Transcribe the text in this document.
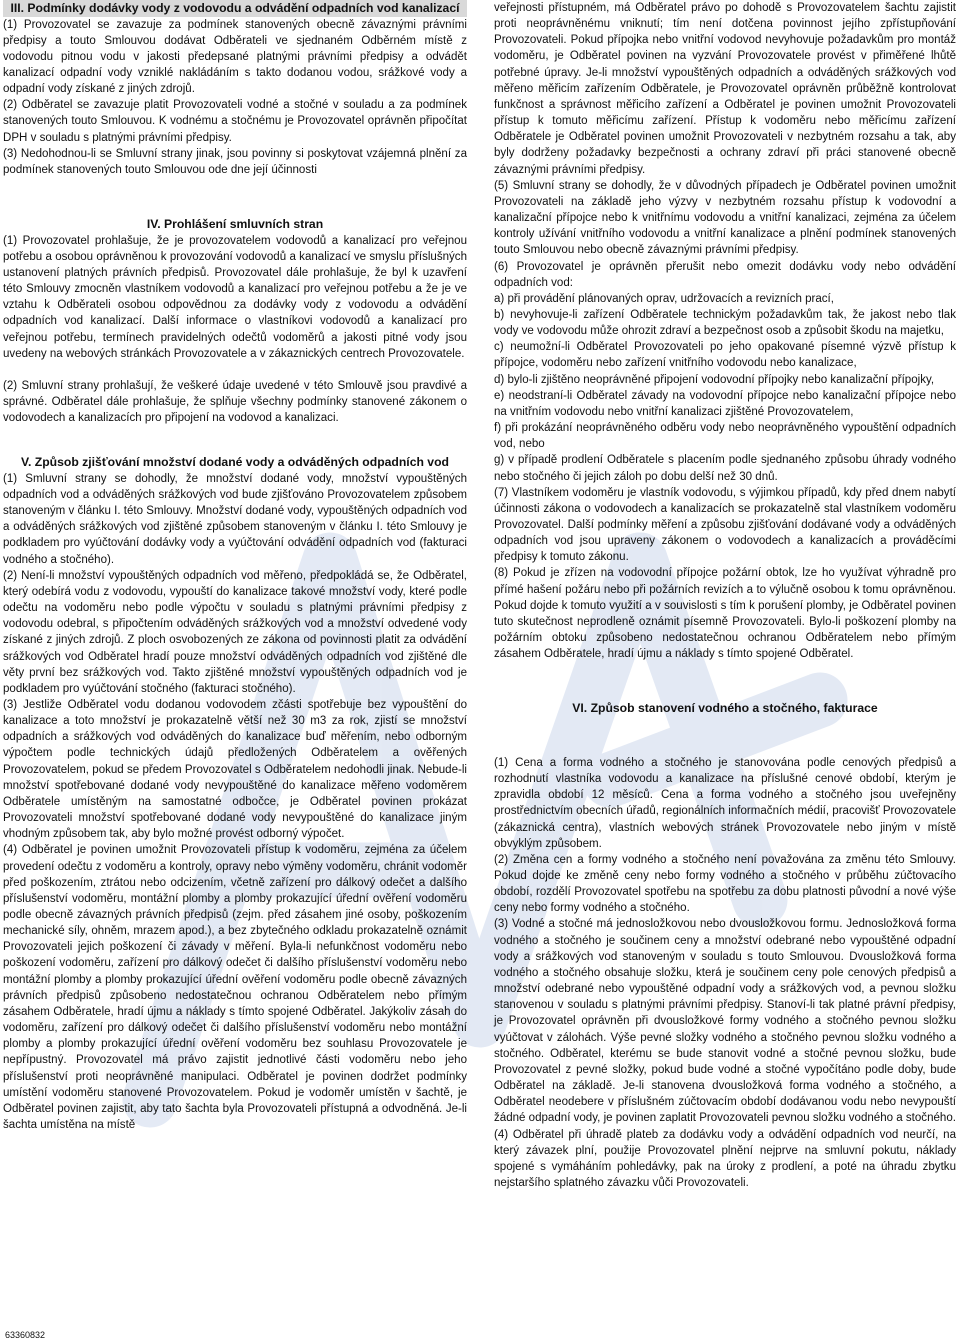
III. Podmínky dodávky vody z vodovodu a odvádění odpadních vod kanalizací

(1) Provozovatel se zavazuje za podmínek stanovených obecně závaznými právními předpisy a touto Smlouvou dodávat Odběrateli ve sjednaném Odběrném místě z vodovodu pitnou vodu v jakosti předepsané platnými právními předpisy a odvádět kanalizací odpadní vody vzniklé nakládáním s takto dodanou vodou, srážkové vody a odpadní vody získané z jiných zdrojů.

(2) Odběratel se zavazuje platit Provozovateli vodné a stočné v souladu a za podmínek stanovených touto Smlouvou. K vodnému a stočnému je Provozovatel oprávněn připočítat DPH v souladu s platnými právními předpisy.

(3) Nedohodnou-li se Smluvní strany jinak, jsou povinny si poskytovat vzájemná plnění za podmínek stanovených touto Smlouvou ode dne její účinnosti

IV. Prohlášení smluvních stran

(1) Provozovatel prohlašuje, že je provozovatelem vodovodů a kanalizací pro veřejnou potřebu a osobou oprávněnou k provozování vodovodů a kanalizací ve smyslu příslušných ustanovení platných právních předpisů. Provozovatel dále prohlašuje, že byl k uzavření této Smlouvy zmocněn vlastníkem vodovodů a kanalizací pro veřejnou potřebu a že je ve vztahu k Odběrateli osobou odpovědnou za dodávky vody z vodovodu a odvádění odpadních vod kanalizací. Další informace o vlastníkovi vodovodů a kanalizací pro veřejnou potřebu, termínech pravidelných odečtů vodoměrů a jakosti pitné vody jsou uvedeny na webových stránkách Provozovatele a v zákaznických centrech Provozovatele.

(2) Smluvní strany prohlašují, že veškeré údaje uvedené v této Smlouvě jsou pravdivé a správné. Odběratel dále prohlašuje, že splňuje všechny podmínky stanovené zákonem o vodovodech a kanalizacích pro připojení na vodovod a kanalizaci.

V. Způsob zjišťování množství dodané vody a odváděných odpadních vod

(1) Smluvní strany se dohodly, že množství dodané vody, množství vypouštěných odpadních vod a odváděných srážkových vod bude zjišťováno Provozovatelem způsobem stanoveným v článku I. této Smlouvy. Množství dodané vody, vypouštěných odpadních vod a odváděných srážkových vod zjištěné způsobem stanoveným v článku I. této Smlouvy je podkladem pro vyúčtování dodávky vody a vyúčtování odvádění odpadních vod (fakturaci vodného a stočného).

(2) Není-li množství vypouštěných odpadních vod měřeno, předpokládá se, že Odběratel, který odebírá vodu z vodovodu, vypouští do kanalizace takové množství vody, které podle odečtu na vodoměru nebo podle výpočtu v souladu s platnými právními předpisy z vodovodu odebral, s připočtením odváděných srážkových vod a množství odvedené vody získané z jiných zdrojů. Z ploch osvobozených ze zákona od povinnosti platit za odvádění srážkových vod Odběratel hradí pouze množství odváděných odpadních vod zjištěné dle věty první bez srážkových vod. Takto zjištěné množství vypouštěných odpadních vod je podkladem pro vyúčtování stočného (fakturaci stočného).

(3) Jestliže Odběratel vodu dodanou vodovodem zčásti spotřebuje bez vypouštění do kanalizace a toto množství je prokazatelně větší než 30 m3 za rok, zjistí se množství odpadních a srážkových vod odváděných do kanalizace buď měřením, nebo odborným výpočtem podle technických údajů předložených Odběratelem a ověřených Provozovatelem, pokud se předem Provozovatel s Odběratelem nedohodli jinak. Nebude-li množství spotřebované dodané vody nevypouštěné do kanalizace měřeno vodoměrem Odběratele umístěným na samostatné odbočce, je Odběratel povinen prokázat Provozovateli množství spotřebované dodané vody nevypouštěné do kanalizace jiným vhodným způsobem tak, aby bylo možné provést odborný výpočet.

(4) Odběratel je povinen umožnit Provozovateli přístup k vodoměru, zejména za účelem provedení odečtu z vodoměru a kontroly, opravy nebo výměny vodoměru, chránit vodoměr před poškozením, ztrátou nebo odcizením, včetně zařízení pro dálkový odečet a dalšího příslušenství vodoměru, montážní plomby a plomby prokazující úřední ověření vodoměru podle obecně závazných právních předpisů (zejm. před zásahem jiné osoby, poškozením mechanické síly, ohněm, mrazem apod.), a bez zbytečného odkladu prokazatelně oznámit Provozovateli jejich poškození či závady v měření. Byla-li nefunkčnost vodoměru nebo poškození vodoměru, zařízení pro dálkový odečet či dalšího příslušenství vodoměru nebo montážní plomby a plomby prokazující úřední ověření vodoměru podle obecně závazných právních předpisů způsobeno nedostatečnou ochranou Odběratelem nebo přímým zásahem Odběratele, hradí újmu a náklady s tímto spojené Odběratel. Jakýkoliv zásah do vodoměru, zařízení pro dálkový odečet či dalšího příslušenství vodoměru nebo montážní plomby a plomby prokazující úřední ověření vodoměru bez souhlasu Provozovatele je nepřípustný. Provozovatel má právo zajistit jednotlivé části vodoměru nebo jeho příslušenství proti neoprávněné manipulaci. Odběratel je povinen dodržet podmínky umístění vodoměru stanovené Provozovatelem. Pokud je vodoměr umístěn v šachtě, je Odběratel povinen zajistit, aby tato šachta byla Provozovateli přístupná a odvodněná. Je-li šachta umístěna na místě

veřejnosti přístupném, má Odběratel právo po dohodě s Provozovatelem šachtu zajistit proti neoprávněnému vniknutí; tím není dotčena povinnost jejího zpřístupňování Provozovateli. Pokud přípojka nebo vnitřní vodovod nevyhovuje požadavkům pro montáž vodoměru, je Odběratel povinen na vyzvání Provozovatele provést v přiměřené lhůtě potřebné úpravy. Je-li množství vypouštěných odpadních a odváděných srážkových vod měřeno měřicím zařízením Odběratele, je Provozovatel oprávněn průběžně kontrolovat funkčnost a správnost měřicího zařízení a Odběratel je povinen umožnit Provozovateli přístup k tomuto měřicímu zařízení. Přístup k vodoměru nebo měřicímu zařízení Odběratele je Odběratel povinen umožnit Provozovateli v nezbytném rozsahu a tak, aby byly dodrženy požadavky bezpečnosti a ochrany zdraví při práci stanovené obecně závaznými právními předpisy.

(5) Smluvní strany se dohodly, že v důvodných případech je Odběratel povinen umožnit Provozovateli na základě jeho výzvy v nezbytném rozsahu přístup k vodovodní a kanalizační přípojce nebo k vnitřnímu vodovodu a vnitřní kanalizaci, zejména za účelem kontroly užívání vnitřního vodovodu a vnitřní kanalizace a plnění podmínek stanovených touto Smlouvou nebo obecně závaznými právními předpisy.

(6) Provozovatel je oprávněn přerušit nebo omezit dodávku vody nebo odvádění odpadních vod:

a) při provádění plánovaných oprav, udržovacích a revizních prací,

b) nevyhovuje-li zařízení Odběratele technickým požadavkům tak, že jakost nebo tlak vody ve vodovodu může ohrozit zdraví a bezpečnost osob a způsobit škodu na majetku,

c) neumožní-li Odběratel Provozovateli po jeho opakované písemné výzvě přístup k přípojce, vodoměru nebo zařízení vnitřního vodovodu nebo kanalizace,

d) bylo-li zjištěno neoprávněné připojení vodovodní přípojky nebo kanalizační přípojky,

e) neodstraní-li Odběratel závady na vodovodní přípojce nebo kanalizační přípojce nebo na vnitřním vodovodu nebo vnitřní kanalizaci zjištěné Provozovatelem,

f) při prokázání neoprávněného odběru vody nebo neoprávněného vypouštění odpadních vod, nebo

g) v případě prodlení Odběratele s placením podle sjednaného způsobu úhrady vodného nebo stočného či jejich záloh po dobu delší než 30 dnů.

(7) Vlastníkem vodoměru je vlastník vodovodu, s výjimkou případů, kdy před dnem nabytí účinnosti zákona o vodovodech a kanalizacích se prokazatelně stal vlastníkem vodoměru Provozovatel. Další podmínky měření a způsobu zjišťování dodávané vody a odváděných odpadních vod jsou upraveny zákonem o vodovodech a kanalizacích a prováděcími předpisy k tomuto zákonu.

(8) Pokud je zřízen na vodovodní přípojce požární obtok, lze ho využívat výhradně pro přímé hašení požáru nebo při požárních revizích a to výlučně osobou k tomu oprávněnou. Pokud dojde k tomuto využití a v souvislosti s tím k porušení plomby, je Odběratel povinen tuto skutečnost neprodleně oznámit písemně Provozovateli. Bylo-li poškození plomby na požárním obtoku způsobeno nedostatečnou ochranou Odběratelem nebo přímým zásahem Odběratele, hradí újmu a náklady s tímto spojené Odběratel.

VI. Způsob stanovení vodného a stočného, fakturace

(1) Cena a forma vodného a stočného je stanovována podle cenových předpisů a rozhodnutí vlastníka vodovodu a kanalizace na příslušné cenové období, kterým je zpravidla období 12 měsíců. Cena a forma vodného a stočného jsou uveřejněny prostřednictvím obecních úřadů, regionálních informačních médií, pracovišť Provozovatele (zákaznická centra), vlastních webových stránek Provozovatele nebo jiným v místě obvyklým způsobem.

(2) Změna cen a formy vodného a stočného není považována za změnu této Smlouvy. Pokud dojde ke změně ceny nebo formy vodného a stočného v průběhu zúčtovacího období, rozdělí Provozovatel spotřebu na spotřebu za dobu platnosti původní a nové výše ceny nebo formy vodného a stočného.

(3) Vodné a stočné má jednosložkovou nebo dvousložkovou formu. Jednosložková forma vodného a stočného je součinem ceny a množství odebrané nebo vypouštěné odpadní vody a srážkových vod stanoveným v souladu s touto Smlouvou. Dvousložková forma vodného a stočného obsahuje složku, která je součinem ceny pole cenových předpisů a množství odebrané nebo vypouštěné odpadní vody a srážkových vod, a pevnou složku stanovenou v souladu s platnými právními předpisy. Stanoví-li tak platné právní předpisy, je Provozovatel oprávněn při dvousložkové formy vodného a stočného pevnou složku vyúčtovat v zálohách. Výše pevné složky vodného a stočného pevnou složku vodného a stočného. Odběratel, kterému se bude stanovit vodné a stočné pevnou složku, bude Provozovatel z pevné složky, pokud bude vodné a stočné vypočítáno podle doby, bude Odběratel na základě. Je-li stanovena dvousložková forma vodného a stočného, a Odběratel neodebere v příslušném zúčtovacím období dodávanou vodu nebo nevypouští žádné odpadní vody, je povinen zaplatit Provozovateli pevnou složku vodného a stočného.

(4) Odběratel při úhradě plateb za dodávku vody a odvádění odpadních vod neurčí, na který závazek plní, použije Provozovatel plnění nejprve na smluvní pokutu, náklady spojené s vymáháním pohledávky, pak na úroky z prodlení, a poté na úhradu zbytku nejstaršího splatného závazku vůči Provozovateli.

63360832
